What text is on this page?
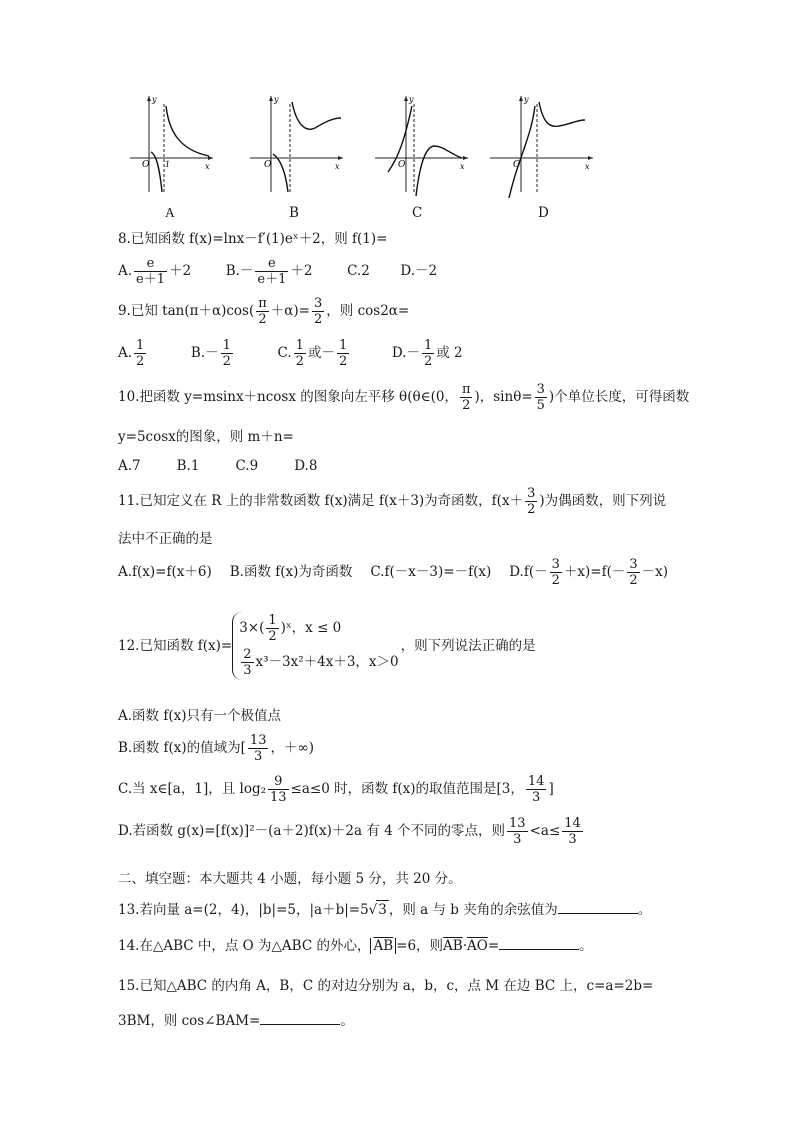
O 1	x
y
A
O	x
y
B
O	x
y
C
O	x
y
D
8.已知函数 f(x)=lnx－f′(1)eˣ＋2，则 f(1)=
A. $\frac{e}{e+1} +2$	$B.- \frac{e}{e+1} +2$	C.2 D.－2
9.已知 $\tan(\pi+\alpha)\cos( \frac{\pi}{2} +\alpha)= \frac{3}{2}$ ，则 cos2α=
A. $\frac{1}{2}$	$B.- \frac{1}{2}$	C. $\frac{1}{2}$ 或－ $\frac{1}{2}$	$D.- \frac{1}{2}$ 或 2
10.把函数 y=msinx＋ncosx 的图象向左平移 θ(θ∈(0， $\frac{\pi}{2}$ )，$\sin\theta= \frac{3}{5}$ )个单位长度，可得函数
y=5cosx的图象，则 m＋n=
A.7	B.1	C.9	D.8
11.已知定义在 R 上的非常数函数 f(x)满足 f(x＋3)为奇函数，$f(x+ \frac{3}{2}$ )为偶函数，则下列说
法中不正确的是
A.f(x)=f(x＋6) B.函数 f(x)为奇函数 C.f(－x－3)=－f(x) $D.f(- \frac{3}{2} +x)=f(- \frac{3}{2} -x)$
12.已知函数 f(x)=
$3\times( \frac{1}{2}$ )ˣ，x ≤ 0
$\frac{2}{3} x^3-3x^2+4x+3$，x＞0
，则下列说法正确的是
A.函数 f(x)只有一个极值点
B.函数 f(x)的值域为[ $\frac{13}{3}$ ，＋∞)
C.当 x∈[a，1]，且 $\log_2 \frac{9}{13} \le a\le 0$ 时，函数 f(x)的取值范围是[3， $\frac{14}{3}$ ]
D.若函数 g(x)=[f(x)]²－(a＋2)f(x)＋2a 有 4 个不同的零点，则 $\frac{13}{3} <a\le \frac{14}{3}$
二、填空题：本大题共 4 小题，每小题 5 分，共 20 分。
13.若向量 a=(2，4)，|b|=5，|a＋b|=5√3 ，则 a 与 b 夹角的余弦值为	。
14.在△ABC 中，点 O 为△ABC 的外心， $\overline{AB} =6$，则$\overline{AB}\cdot\overline{AO}=$	。
15.已知△ABC 的内角 A，B，C 的对边分别为 a，b，c，点 M 在边 BC 上，c=a=2b=
3BM，则 cos∠BAM=	。
